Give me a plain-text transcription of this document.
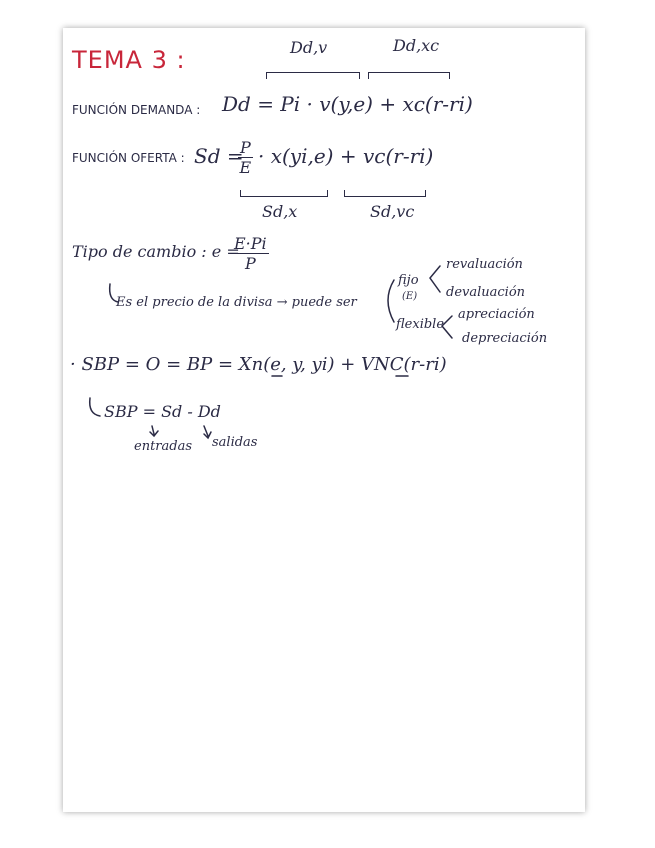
TEMA 3 :	Dd,v	Dd,xc
FUNCIÓN DEMANDA : Dd = Pi · v(y,e) + xc(r-ri)
FUNCIÓN OFERTA : Sd =
$\frac{P}{E} \cdot x(yi,e) + vc(r-ri)$
Sd,x	Sd,vc
Tipo de cambio : e =
$\frac{E\cdot Pi}{P}$
Es el precio de la divisa → puede ser
fijo
(E)
flexible
revaluación
devaluación
apreciación
depreciación
· SBP = O = BP = Xn(e, y, yi) + VNC(r-ri)
SBP = Sd - Dd
entradas salidas
